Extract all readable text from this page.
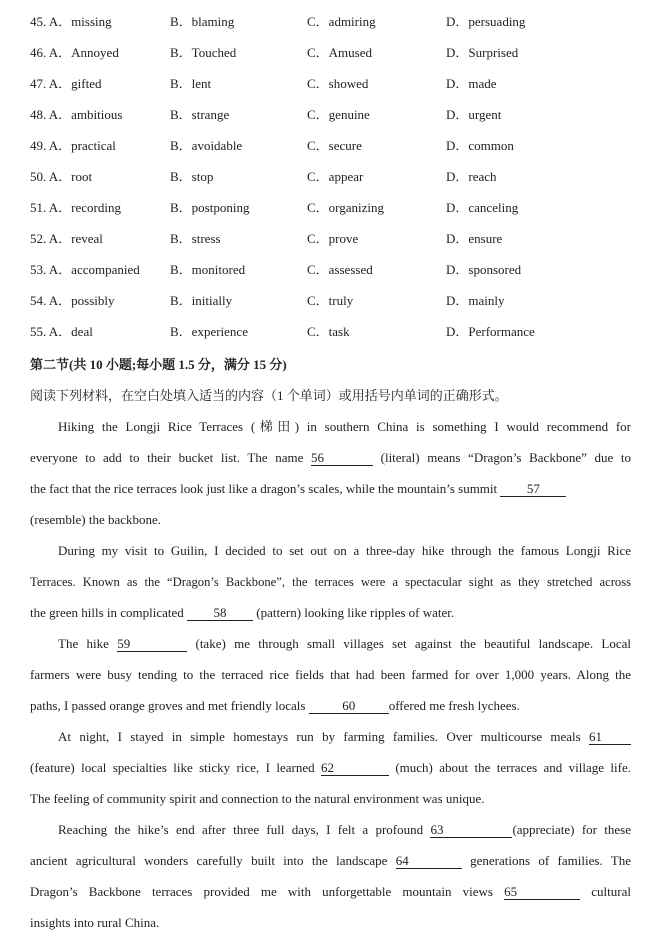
45. A．missing	B．blaming	C．admiring	D．persuading
46. A．Annoyed	B．Touched	C．Amused	D．Surprised
47. A．gifted	B．lent	C．showed	D．made
48. A．ambitious	B．strange	C．genuine	D．urgent
49. A．practical	B．avoidable	C．secure	D．common
50. A．root	B．stop	C．appear	D．reach
51. A．recording	B．postponing	C．organizing	D．canceling
52. A．reveal	B．stress	C．prove	D．ensure
53. A．accompanied B．monitored	C．assessed	D．sponsored
54. A．possibly	B．initially	C．truly	D．mainly
55. A．deal	B．experience	C．task	D．Performance
第二节(共 10 小题;每小题 1.5 分，满分 15 分)
阅读下列材料，在空白处填入适当的内容（1 个单词）或用括号内单词的正确形式。
Hiking the Longji Rice Terraces (梯田) in southern China is something I would recommend for
everyone to add to their bucket list. The name 56	(literal) means “Dragon’s Backbone” due to
the fact that the rice terraces look just like a dragon’s scales, while the mountain’s summit 57
(resemble) the backbone.
During my visit to Guilin, I decided to set out on a three-day hike through the famous Longji Rice
Terraces. Known as the “Dragon’s Backbone”, the terraces were a spectacular sight as they stretched across
the green hills in complicated 58 (pattern) looking like ripples of water.
The hike 59	(take) me through small villages set against the beautiful landscape. Local
farmers were busy tending to the terraced rice fields that had been farmed for over 1,000 years. Along the
paths, I passed orange groves and met friendly locals	60	offered me fresh lychees.
At night, I stayed in simple homestays run by farming families. Over multicourse meals 61
(feature) local specialties like sticky rice, I learned 62	(much) about the terraces and village life.
The feeling of community spirit and connection to the natural environment was unique.
Reaching the hike’s end after three full days, I felt a profound 63	(appreciate) for these
ancient agricultural wonders carefully built into the landscape 64	generations of families. The
Dragon’s Backbone terraces provided me with unforgettable mountain views 65	cultural
insights into rural China.
